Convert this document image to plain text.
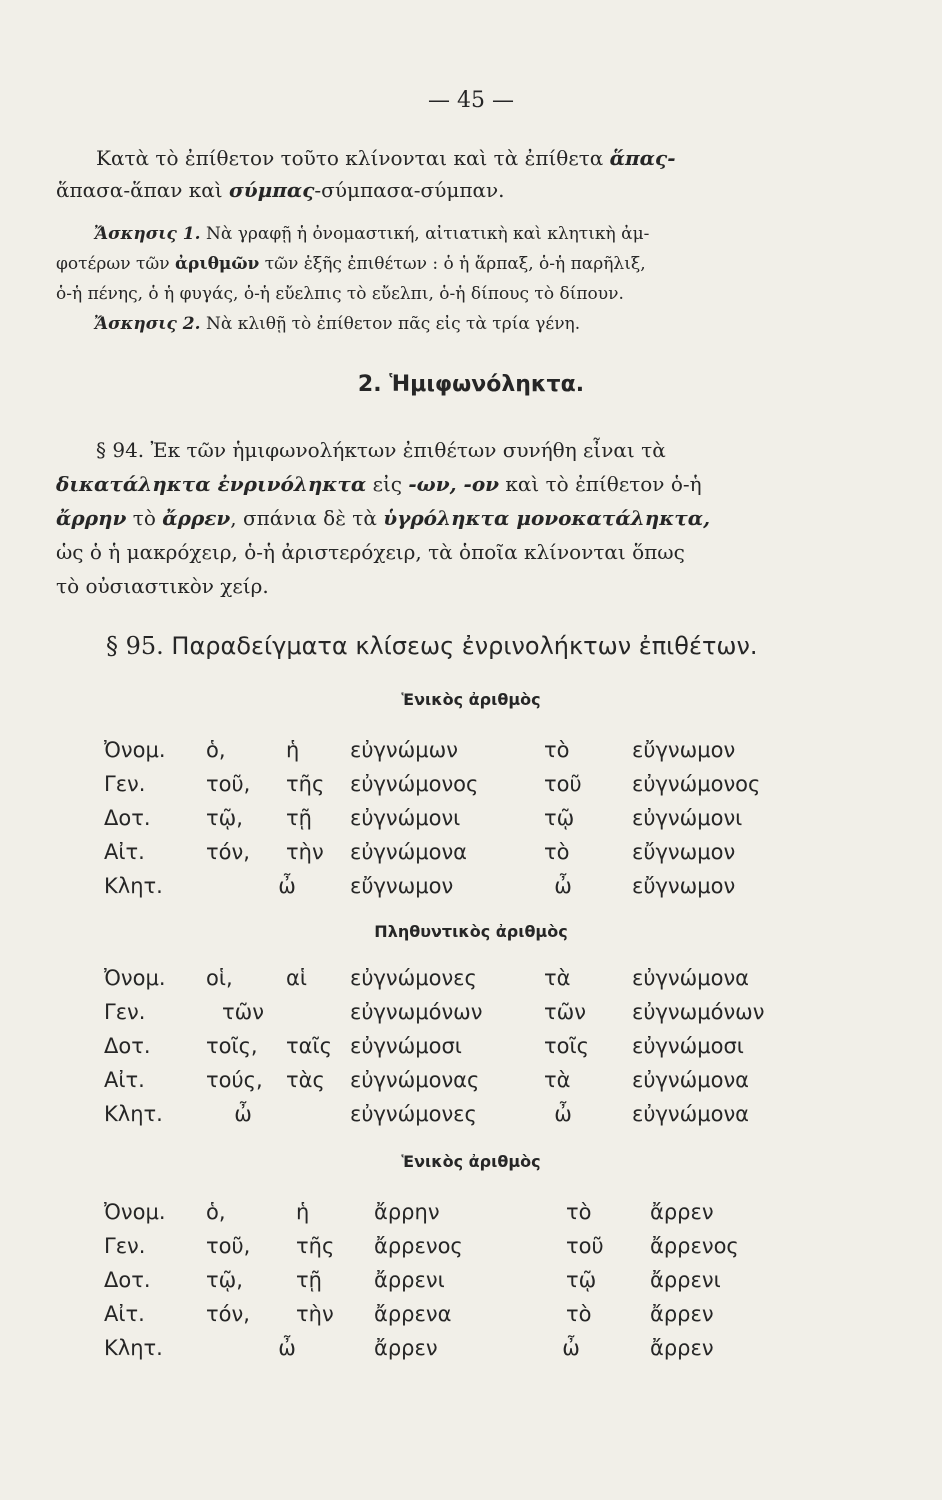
— 45 —
Κατὰ τὸ ἐπίθετον τοῦτο κλίνονται καὶ τὰ ἐπίθετα ἅπας-
ἅπασα-ἅπαν καὶ σύμπας-σύμπασα-σύμπαν.
Ἄσκησις 1. Νὰ γραφῇ ἡ ὀνομαστική, αἰτιατικὴ καὶ κλητικὴ ἀμ-
φοτέρων τῶν ἀριθμῶν τῶν ἑξῆς ἐπιθέτων : ὁ ἡ ἅρπαξ, ὁ-ἡ παρῆλιξ,
ὁ-ἡ πένης, ὁ ἡ φυγάς, ὁ-ἡ εὔελπις τὸ εὔελπι, ὁ-ἡ δίπους τὸ δίπουν.
Ἄσκησις 2. Νὰ κλιθῇ τὸ ἐπίθετον πᾶς εἰς τὰ τρία γένη.
2. Ἡμιφωνόληκτα.
§ 94. Ἐκ τῶν ἡμιφωνολήκτων ἐπιθέτων συνήθη εἶναι τὰ
δικατάληκτα ἐνρινόληκτα εἰς -ων, -ον καὶ τὸ ἐπίθετον ὁ-ἡ
ἄρρην τὸ ἄρρεν, σπάνια δὲ τὰ ὑγρόληκτα μονοκατάληκτα,
ὡς ὁ ἡ μακρόχειρ, ὁ-ἡ ἀριστερόχειρ, τὰ ὁποῖα κλίνονται ὅπως
τὸ οὐσιαστικὸν χείρ.
§ 95. Παραδείγματα κλίσεως ἐνρινολήκτων ἐπιθέτων.
Ἑνικὸς ἀριθμὸς
Ὀνομ. ὁ,	ἡ εὐγνώμων	τὸ	εὔγνωμον
Γεν.	τοῦ, τῆς εὐγνώμονος	τοῦ εὐγνώμονος
Δοτ.	τῷ, τῇ εὐγνώμονι	τῷ	εὐγνώμονι
Αἰτ.	τόν, τὴν εὐγνώμονα	τὸ	εὔγνωμον
Κλητ.	ὦ	εὔγνωμον	ὦ	εὔγνωμον
Πληθυντικὸς ἀριθμὸς
Ὀνομ. οἱ,	αἱ εὐγνώμονες	τὰ	εὐγνώμονα
Γεν.	τῶν	εὐγνωμόνων	τῶν εὐγνωμόνων
Δοτ.	τοῖς, ταῖς εὐγνώμοσι	τοῖς εὐγνώμοσι
Αἰτ.	τούς, τὰς εὐγνώμονας	τὰ	εὐγνώμονα
Κλητ.	ὦ	εὐγνώμονες	ὦ	εὐγνώμονα
Ἑνικὸς ἀριθμὸς
Ὀνομ. ὁ,	ἡ	ἄρρην	τὸ	ἄρρεν
Γεν.	τοῦ, τῆς ἄρρενος	τοῦ ἄρρενος
Δοτ.	τῷ,	τῇ ἄρρενι	τῷ	ἄρρενι
Αἰτ.	τόν, τὴν ἄρρενα	τὸ	ἄρρεν
Κλητ.	ὦ	ἄρρεν	ὦ	ἄρρεν
